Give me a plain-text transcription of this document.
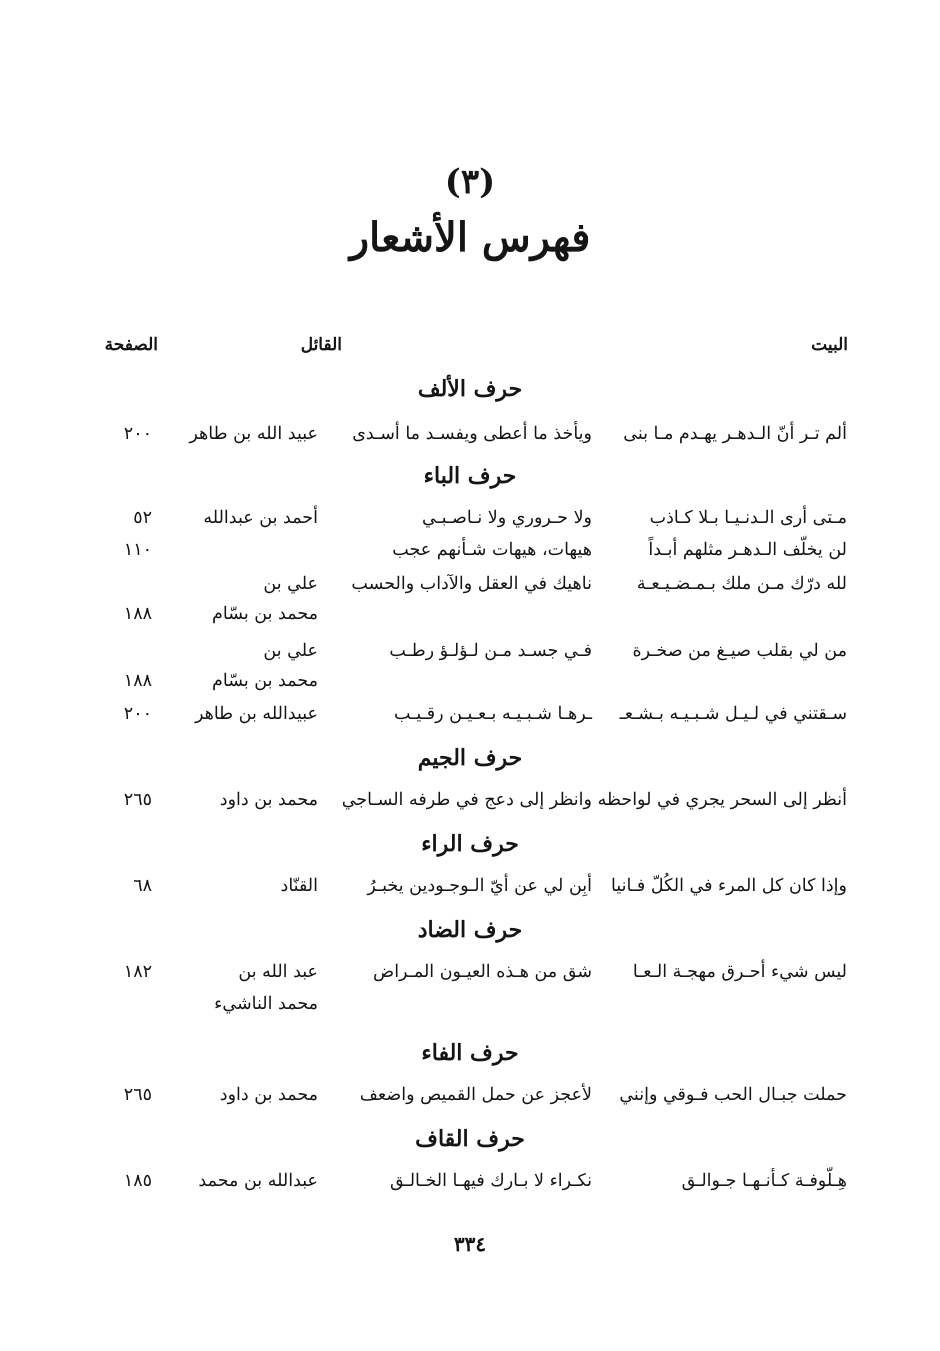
(٣)
فهرس الأشعار
البيت
القائل
الصفحة
حرف الألف
ألم تـر أنّ الـدهـر يهـدم مـا بنى
ويأخذ ما أعطى ويفسـد ما أسـدى
عبيد الله بن طاهر
٢٠٠
حرف الباء
مـتى أرى الـدنـيـا بـلا كـاذب
ولا حـروري ولا نـاصـبـي
أحمد بن عبدالله
٥٢
لن يخلّف الـدهـر مثلهم أبـداً
هيهات، هيهات شـأنهم عجب
١١٠
لله درّك مـن ملك بـمـضـيـعـة
ناهيك في العقل والآداب والحسب
علي بن
محمد بن بسّام
١٨٨
من لي بقلب صيـغ من صخـرة
فـي جسـد مـن لـؤلـؤ رطـب
علي بن
محمد بن بسّام
١٨٨
سـقتني في لـيـل شـبـيـه بـشـعـ
ـرهـا شـبـيـه بـعـيـن رقـيـب
عبيدالله بن طاهر
٢٠٠
حرف الجيم
أنظر إلى السحر يجري في لواحظه
وانظر إلى دعج في طرفه السـاجي
محمد بن داود
٢٦٥
حرف الراء
وإذا كان كل المرء في الكُلّ فـانيا
أبِن لي عن أيّ الـوجـودين يخبـرُ
القنّاد
٦٨
حرف الضاد
ليس شيء أحـرق مهجـة الـعـا
شق من هـذه العيـون المـراض
عبد الله بن
١٨٢
محمد الناشيء
حرف الفاء
حملت جبـال الحب فـوقي وإنني
لأعجز عن حمل القميص واضعف
محمد بن داود
٢٦٥
حرف القاف
هِـلّوفـة كـأنـهـا جـوالـق
نكـراء لا بـارك فيهـا الخـالـق
عبدالله بن محمد
١٨٥
٣٣٤
